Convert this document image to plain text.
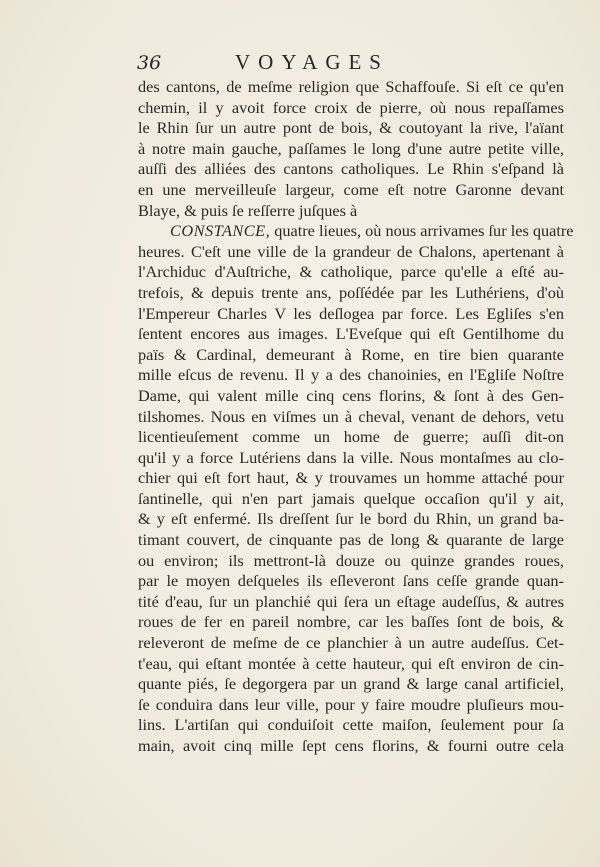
36	VOYAGES
des cantons, de meſme religion que Schaffouſe. Si eſt ce qu'en
chemin, il y avoit force croix de pierre, où nous repaſſames
le Rhin ſur un autre pont de bois, & coutoyant la rive, l'aïant
à notre main gauche, paſſames le long d'une autre petite ville,
auſſi des alliées des cantons catholiques. Le Rhin s'eſpand là
en une merveilleuſe largeur, come eſt notre Garonne devant
Blaye, & puis ſe reſſerre juſques à
CONSTANCE, quatre lieues, où nous arrivames ſur les quatre
heures. C'eſt une ville de la grandeur de Chalons, apertenant à
l'Archiduc d'Auſtriche, & catholique, parce qu'elle a eſté au-
trefois, & depuis trente ans, poſſédée par les Luthériens, d'où
l'Empereur Charles V les deſlogea par force. Les Egliſes s'en
ſentent encores aus images. L'Eveſque qui eſt Gentilhome du
païs & Cardinal, demeurant à Rome, en tire bien quarante
mille eſcus de revenu. Il y a des chanoinies, en l'Egliſe Noſtre
Dame, qui valent mille cinq cens florins, & ſont à des Gen-
tilshomes. Nous en viſmes un à cheval, venant de dehors, vetu
licentieuſement comme un home de guerre; auſſi dit-on
qu'il y a force Lutériens dans la ville. Nous montaſmes au clo-
chier qui eſt fort haut, & y trouvames un homme attaché pour
ſantinelle, qui n'en part jamais quelque occaſion qu'il y ait,
& y eſt enfermé. Ils dreſſent ſur le bord du Rhin, un grand ba-
timant couvert, de cinquante pas de long & quarante de large
ou environ; ils mettront-là douze ou quinze grandes roues,
par le moyen deſqueles ils eſleveront ſans ceſſe grande quan-
tité d'eau, ſur un planchié qui ſera un eſtage audeſſus, & autres
roues de fer en pareil nombre, car les baſſes ſont de bois, &
releveront de meſme de ce planchier à un autre audeſſus. Cet-
t'eau, qui eſtant montée à cette hauteur, qui eſt environ de cin-
quante piés, ſe degorgera par un grand & large canal artificiel,
ſe conduira dans leur ville, pour y faire moudre pluſieurs mou-
lins. L'artiſan qui conduiſoit cette maiſon, ſeulement pour ſa
main, avoit cinq mille ſept cens florins, & fourni outre cela
